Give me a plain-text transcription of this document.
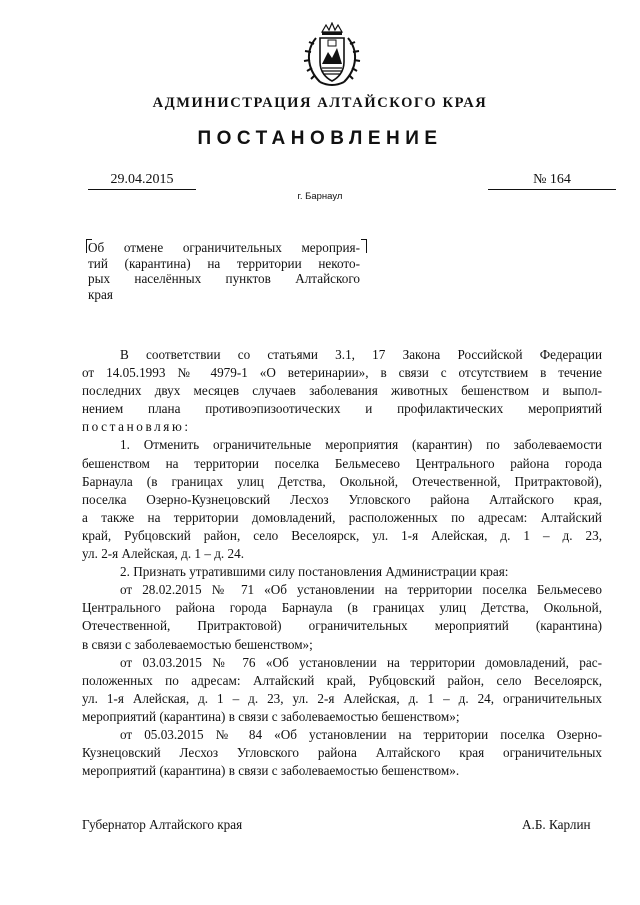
АДМИНИСТРАЦИЯ АЛТАЙСКОГО КРАЯ
ПОСТАНОВЛЕНИЕ
29.04.2015	№ 164
г. Барнаул
Об отмене ограничительных мероприя-
тий (карантина) на территории некото-
рых населённых пунктов Алтайского
края
В соответствии со статьями 3.1, 17 Закона Российской Федерации
от 14.05.1993 № 4979-1 «О ветеринарии», в связи с отсутствием в течение
последних двух месяцев случаев заболевания животных бешенством и выпол-
нением плана противоэпизоотических и профилактических мероприятий
постановляю:
1. Отменить ограничительные мероприятия (карантин) по заболеваемости
бешенством на территории поселка Бельмесево Центрального района города
Барнаула (в границах улиц Детства, Окольной, Отечественной, Притрактовой),
поселка Озерно-Кузнецовский Лесхоз Угловского района Алтайского края,
а также на территории домовладений, расположенных по адресам: Алтайский
край, Рубцовский район, село Веселоярск, ул. 1-я Алейская, д. 1 – д. 23,
ул. 2-я Алейская, д. 1 – д. 24.
2. Признать утратившими силу постановления Администрации края:
от 28.02.2015 № 71 «Об установлении на территории поселка Бельмесево
Центрального района города Барнаула (в границах улиц Детства, Окольной,
Отечественной, Притрактовой) ограничительных мероприятий (карантина)
в связи с заболеваемостью бешенством»;
от 03.03.2015 № 76 «Об установлении на территории домовладений, рас-
положенных по адресам: Алтайский край, Рубцовский район, село Веселоярск,
ул. 1-я Алейская, д. 1 – д. 23, ул. 2-я Алейская, д. 1 – д. 24, ограничительных
мероприятий (карантина) в связи с заболеваемостью бешенством»;
от 05.03.2015 № 84 «Об установлении на территории поселка Озерно-
Кузнецовский Лесхоз Угловского района Алтайского края ограничительных
мероприятий (карантина) в связи с заболеваемостью бешенством».
Губернатор Алтайского края	А.Б. Карлин
